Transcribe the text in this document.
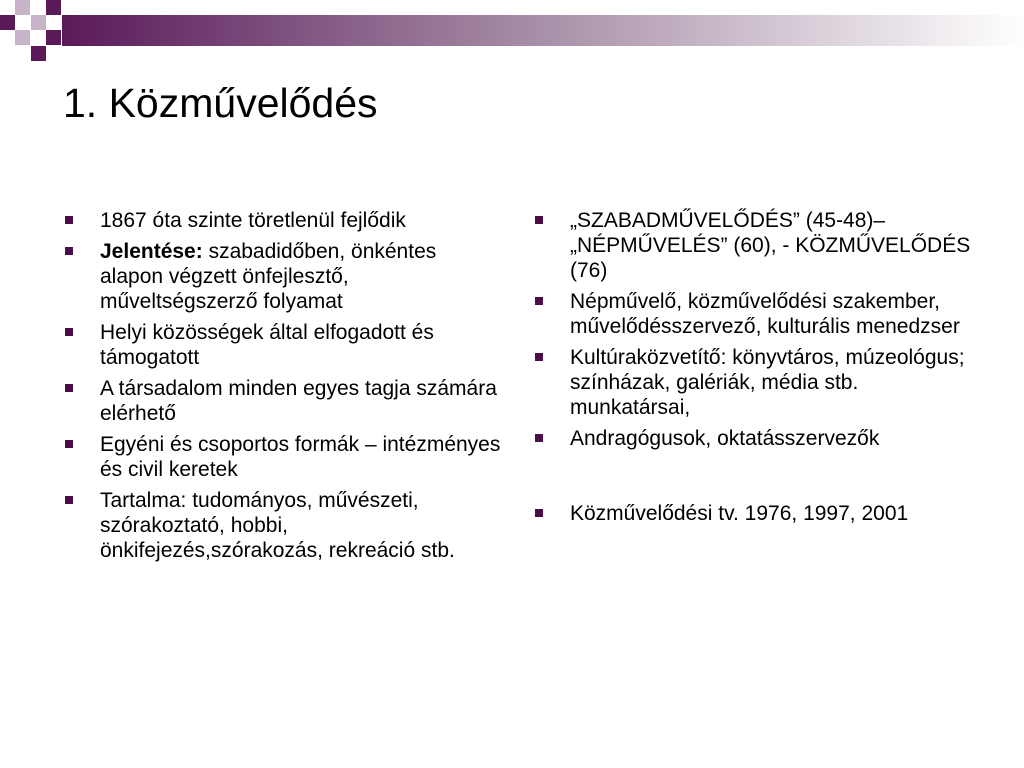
1. Közművelődés
1867 óta szinte töretlenül fejlődik
Jelentése: szabadidőben, önkéntes alapon végzett önfejlesztő, műveltségszerző folyamat
Helyi közösségek által elfogadott és támogatott
A társadalom minden egyes tagja számára elérhető
Egyéni és csoportos formák – intézményes és civil keretek
Tartalma: tudományos, művészeti, szórakoztató, hobbi, önkifejezés,szórakozás, rekreáció stb.
„SZABADMŰVELŐDÉS” (45-48)– „NÉPMŰVELÉS” (60), - KÖZMŰVELŐDÉS (76)
Népművelő, közművelődési szakember, művelődésszervező, kulturális menedzser
Kultúraközvetítő: könyvtáros, múzeológus; színházak, galériák, média stb. munkatársai,
Andragógusok, oktatásszervezők
Közművelődési tv. 1976, 1997, 2001
